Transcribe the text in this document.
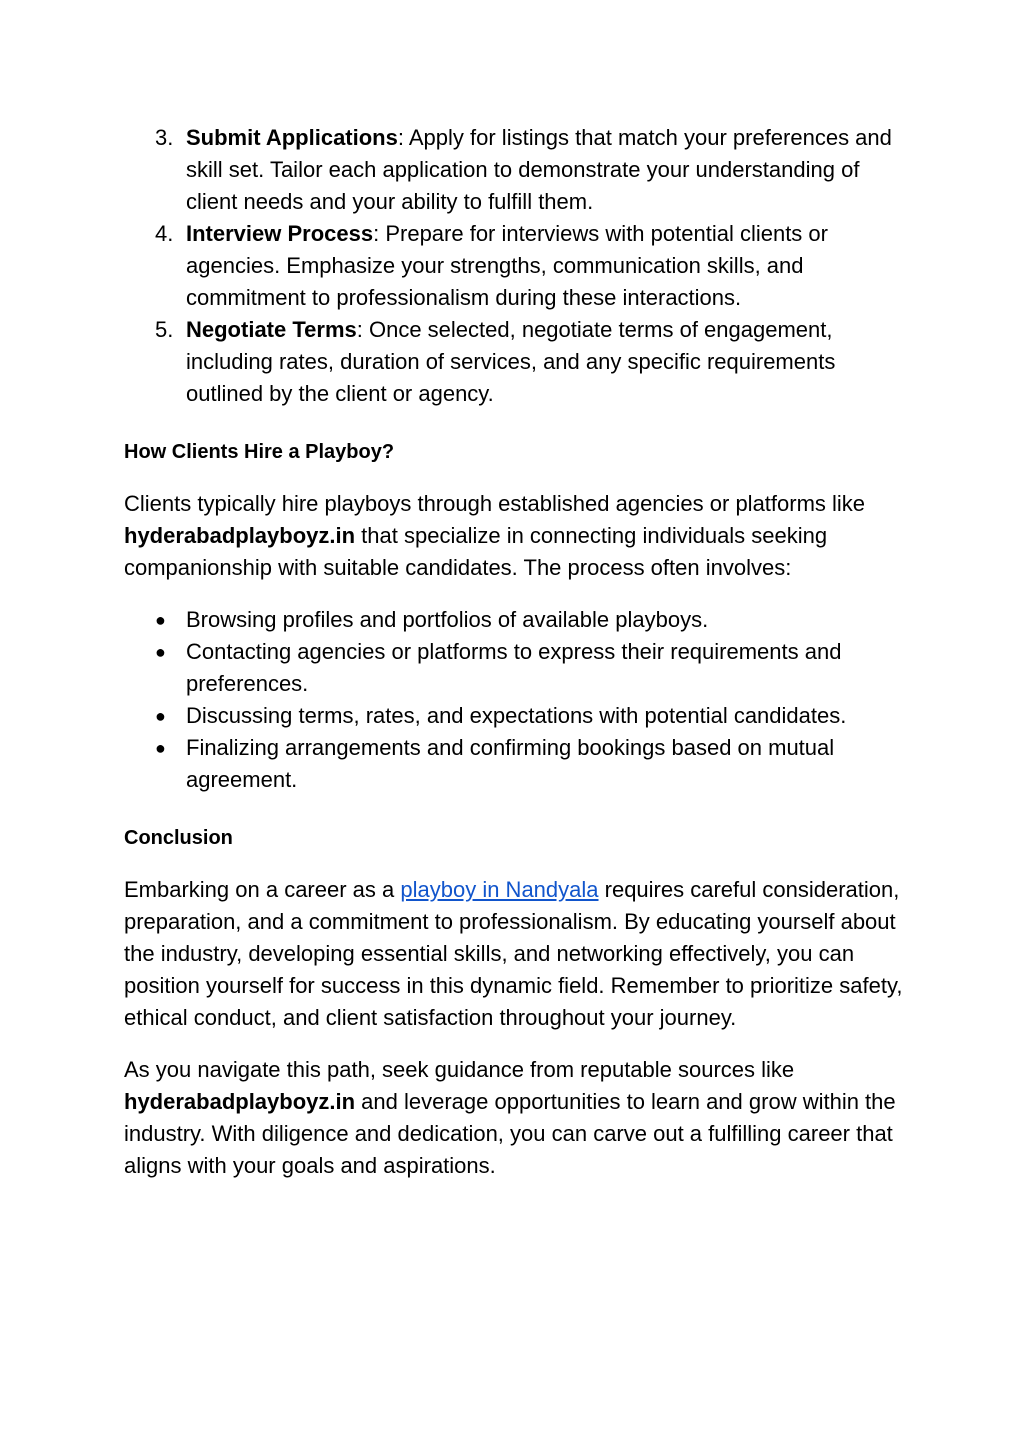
3. Submit Applications: Apply for listings that match your preferences and skill set. Tailor each application to demonstrate your understanding of client needs and your ability to fulfill them.
4. Interview Process: Prepare for interviews with potential clients or agencies. Emphasize your strengths, communication skills, and commitment to professionalism during these interactions.
5. Negotiate Terms: Once selected, negotiate terms of engagement, including rates, duration of services, and any specific requirements outlined by the client or agency.
How Clients Hire a Playboy?

Clients typically hire playboys through established agencies or platforms like hyderabadplayboyz.in that specialize in connecting individuals seeking companionship with suitable candidates. The process often involves:

● Browsing profiles and portfolios of available playboys.
● Contacting agencies or platforms to express their requirements and preferences.
● Discussing terms, rates, and expectations with potential candidates.
● Finalizing arrangements and confirming bookings based on mutual agreement.
Conclusion

Embarking on a career as a playboy in Nandyala requires careful consideration, preparation, and a commitment to professionalism. By educating yourself about the industry, developing essential skills, and networking effectively, you can position yourself for success in this dynamic field. Remember to prioritize safety, ethical conduct, and client satisfaction throughout your journey.

As you navigate this path, seek guidance from reputable sources like hyderabadplayboyz.in and leverage opportunities to learn and grow within the industry. With diligence and dedication, you can carve out a fulfilling career that aligns with your goals and aspirations.
